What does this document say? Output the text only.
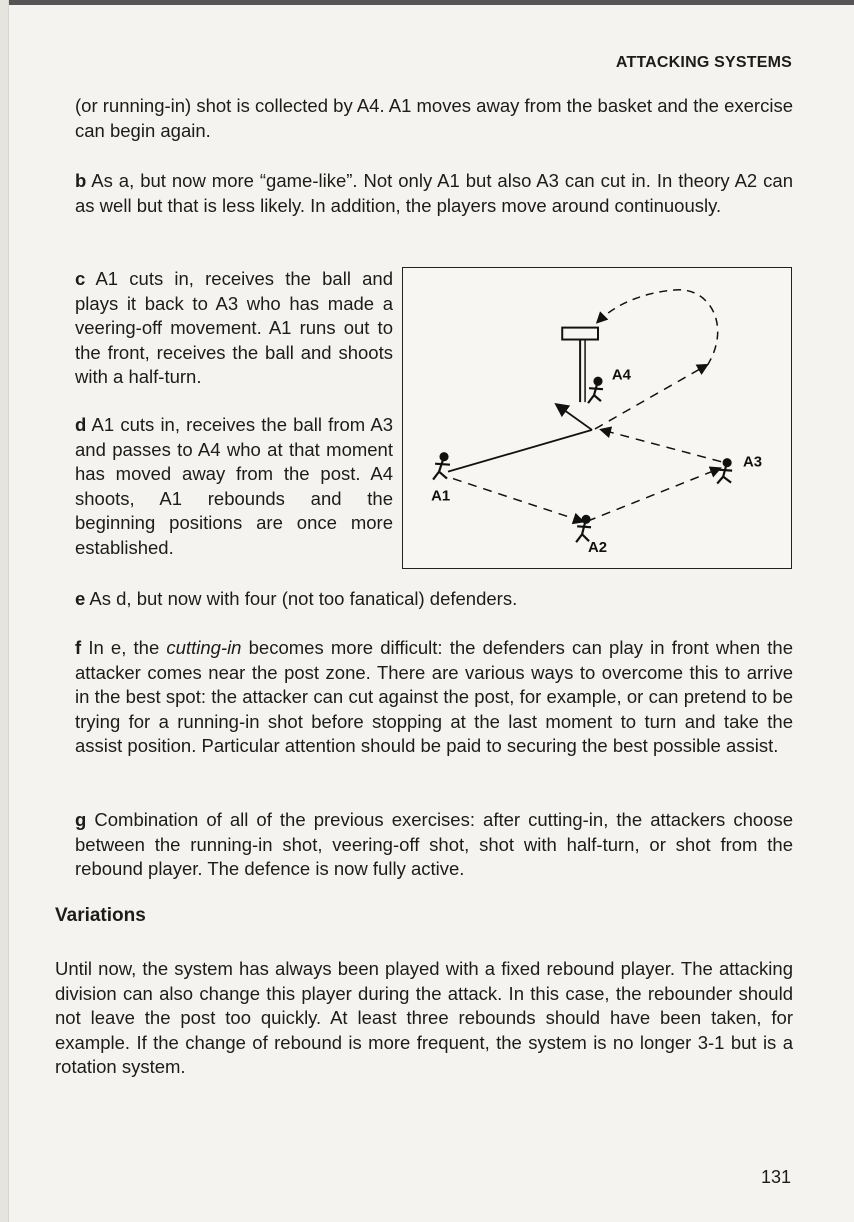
ATTACKING SYSTEMS

(or running-in) shot is collected by A4. A1 moves away from the basket and the exercise can begin again.

b As a, but now more “game-like”. Not only A1 but also A3 can cut in. In theory A2 can as well but that is less likely. In addition, the players move around continuously.

c A1 cuts in, receives the ball and plays it back to A3 who has made a veering-off movement. A1 runs out to the front, receives the ball and shoots with a half-turn.

d A1 cuts in, receives the ball from A3 and passes to A4 who at that moment has moved away from the post. A4 shoots, A1 rebounds and the beginning positions are once more established.

A1
A2
A3
A4

e As d, but now with four (not too fanatical) defenders.

f In e, the cutting-in becomes more difficult: the defenders can play in front when the attacker comes near the post zone. There are various ways to overcome this to arrive in the best spot: the attacker can cut against the post, for example, or can pretend to be trying for a running-in shot before stopping at the last moment to turn and take the assist position. Particular attention should be paid to securing the best possible assist.

g Combination of all of the previous exercises: after cutting-in, the attackers choose between the running-in shot, veering-off shot, shot with half-turn, or shot from the rebound player. The defence is now fully active.

Variations

Until now, the system has always been played with a fixed rebound player. The attacking division can also change this player during the attack. In this case, the rebounder should not leave the post too quickly. At least three rebounds should have been taken, for example. If the change of rebound is more frequent, the system is no longer 3-1 but is a rotation system.

131
